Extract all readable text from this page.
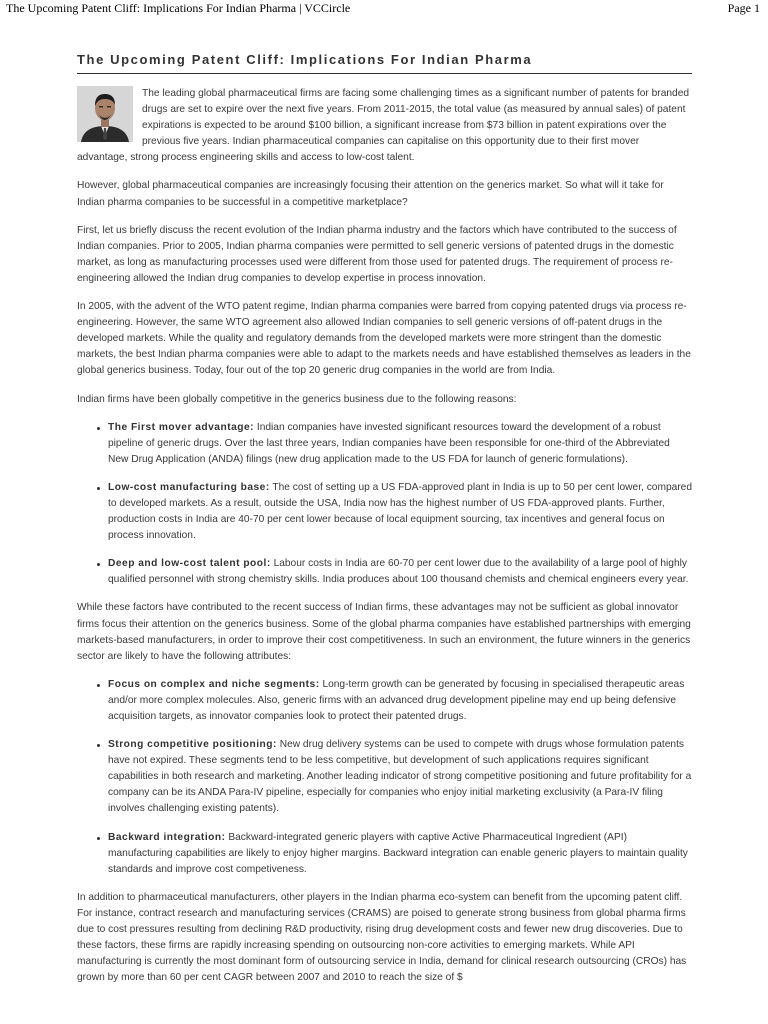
The Upcoming Patent Cliff: Implications For Indian Pharma | VCCircle	Page 1
The Upcoming Patent Cliff: Implications For Indian Pharma

The leading global pharmaceutical firms are facing some challenging times as a significant number of patents for branded drugs are set to expire over the next five years. From 2011-2015, the total value (as measured by annual sales) of patent expirations is expected to be around $100 billion, a significant increase from $73 billion in patent expirations over the previous five years. Indian pharmaceutical companies can capitalise on this opportunity due to their first mover advantage, strong process engineering skills and access to low-cost talent.

However, global pharmaceutical companies are increasingly focusing their attention on the generics market. So what will it take for Indian pharma companies to be successful in a competitive marketplace?

First, let us briefly discuss the recent evolution of the Indian pharma industry and the factors which have contributed to the success of Indian companies. Prior to 2005, Indian pharma companies were permitted to sell generic versions of patented drugs in the domestic market, as long as manufacturing processes used were different from those used for patented drugs. The requirement of process re-engineering allowed the Indian drug companies to develop expertise in process innovation.

In 2005, with the advent of the WTO patent regime, Indian pharma companies were barred from copying patented drugs via process re-engineering. However, the same WTO agreement also allowed Indian companies to sell generic versions of off-patent drugs in the developed markets. While the quality and regulatory demands from the developed markets were more stringent than the domestic markets, the best Indian pharma companies were able to adapt to the markets needs and have established themselves as leaders in the global generics business. Today, four out of the top 20 generic drug companies in the world are from India.

Indian firms have been globally competitive in the generics business due to the following reasons:

The First mover advantage: Indian companies have invested significant resources toward the development of a robust pipeline of generic drugs. Over the last three years, Indian companies have been responsible for one-third of the Abbreviated New Drug Application (ANDA) filings (new drug application made to the US FDA for launch of generic formulations).
Low-cost manufacturing base: The cost of setting up a US FDA-approved plant in India is up to 50 per cent lower, compared to developed markets. As a result, outside the USA, India now has the highest number of US FDA-approved plants. Further, production costs in India are 40-70 per cent lower because of local equipment sourcing, tax incentives and general focus on process innovation.
Deep and low-cost talent pool: Labour costs in India are 60-70 per cent lower due to the availability of a large pool of highly qualified personnel with strong chemistry skills. India produces about 100 thousand chemists and chemical engineers every year.

While these factors have contributed to the recent success of Indian firms, these advantages may not be sufficient as global innovator firms focus their attention on the generics business. Some of the global pharma companies have established partnerships with emerging markets-based manufacturers, in order to improve their cost competitiveness. In such an environment, the future winners in the generics sector are likely to have the following attributes:

Focus on complex and niche segments: Long-term growth can be generated by focusing in specialised therapeutic areas and/or more complex molecules. Also, generic firms with an advanced drug development pipeline may end up being defensive acquisition targets, as innovator companies look to protect their patented drugs.
Strong competitive positioning: New drug delivery systems can be used to compete with drugs whose formulation patents have not expired. These segments tend to be less competitive, but development of such applications requires significant capabilities in both research and marketing. Another leading indicator of strong competitive positioning and future profitability for a company can be its ANDA Para-IV pipeline, especially for companies who enjoy initial marketing exclusivity (a Para-IV filing involves challenging existing patents).
Backward integration: Backward-integrated generic players with captive Active Pharmaceutical Ingredient (API) manufacturing capabilities are likely to enjoy higher margins. Backward integration can enable generic players to maintain quality standards and improve cost competiveness.

In addition to pharmaceutical manufacturers, other players in the Indian pharma eco-system can benefit from the upcoming patent cliff. For instance, contract research and manufacturing services (CRAMS) are poised to generate strong business from global pharma firms due to cost pressures resulting from declining R&D productivity, rising drug development costs and fewer new drug discoveries. Due to these factors, these firms are rapidly increasing spending on outsourcing non-core activities to emerging markets. While API manufacturing is currently the most dominant form of outsourcing service in India, demand for clinical research outsourcing (CROs) has grown by more than 60 per cent CAGR between 2007 and 2010 to reach the size of $
